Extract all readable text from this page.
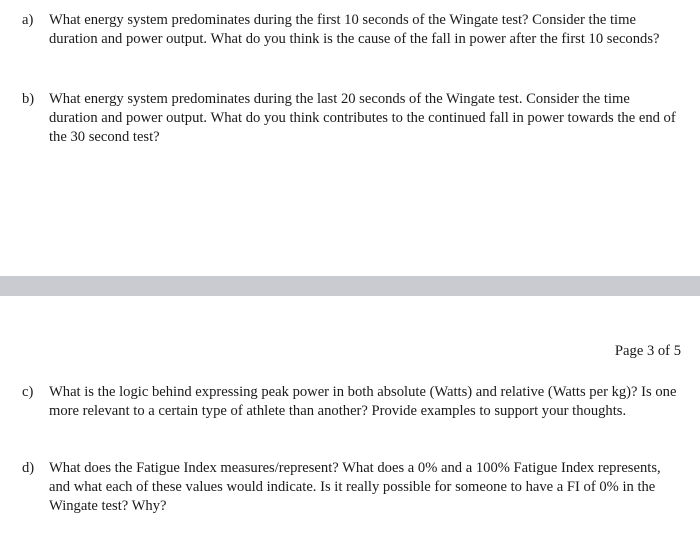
a)	What energy system predominates during the first 10 seconds of the Wingate test? Consider the time duration and power output. What do you think is the cause of the fall in power after the first 10 seconds?
b)	What energy system predominates during the last 20 seconds of the Wingate test. Consider the time duration and power output. What do you think contributes to the continued fall in power towards the end of the 30 second test?
Page 3 of 5
c)	What is the logic behind expressing peak power in both absolute (Watts) and relative (Watts per kg)? Is one more relevant to a certain type of athlete than another? Provide examples to support your thoughts.
d)	What does the Fatigue Index measures/represent? What does a 0% and a 100% Fatigue Index represents, and what each of these values would indicate. Is it really possible for someone to have a FI of 0% in the Wingate test? Why?
